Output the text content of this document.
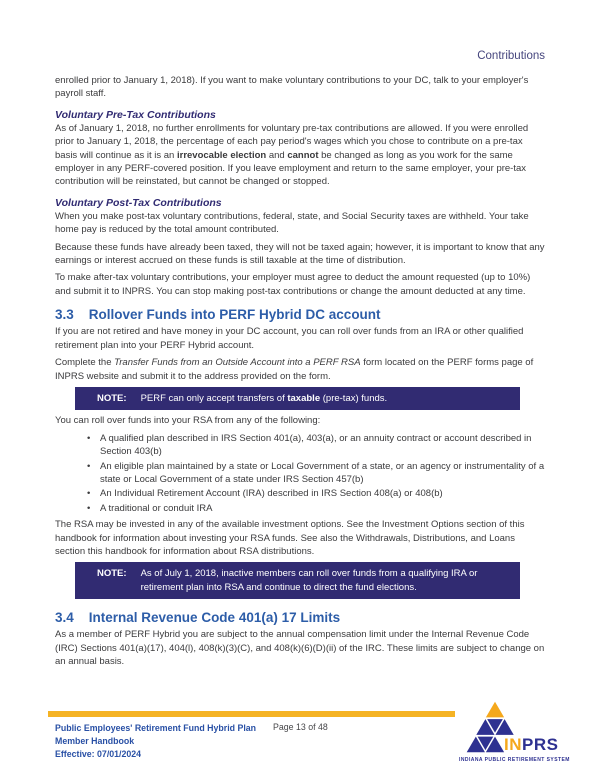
Contributions

enrolled prior to January 1, 2018). If you want to make voluntary contributions to your DC, talk to your employer's payroll staff.

Voluntary Pre-Tax Contributions

As of January 1, 2018, no further enrollments for voluntary pre-tax contributions are allowed. If you were enrolled prior to January 1, 2018, the percentage of each pay period's wages which you chose to contribute on a pre-tax basis will continue as it is an irrevocable election and cannot be changed as long as you work for the same employer in any PERF-covered position. If you leave employment and return to the same employer, your pre-tax contribution will be reinstated, but cannot be changed or stopped.

Voluntary Post-Tax Contributions

When you make post-tax voluntary contributions, federal, state, and Social Security taxes are withheld. Your take home pay is reduced by the total amount contributed.

Because these funds have already been taxed, they will not be taxed again; however, it is important to know that any earnings or interest accrued on these funds is still taxable at the time of distribution.

To make after-tax voluntary contributions, your employer must agree to deduct the amount requested (up to 10%) and submit it to INPRS. You can stop making post-tax contributions or change the amount deducted at any time.

3.3 Rollover Funds into PERF Hybrid DC account

If you are not retired and have money in your DC account, you can roll over funds from an IRA or other qualified retirement plan into your PERF Hybrid account.

Complete the Transfer Funds from an Outside Account into a PERF RSA form located on the PERF forms page of INPRS website and submit it to the address provided on the form.

NOTE: PERF can only accept transfers of taxable (pre-tax) funds.

You can roll over funds into your RSA from any of the following:

• A qualified plan described in IRS Section 401(a), 403(a), or an annuity contract or account described in Section 403(b)
• An eligible plan maintained by a state or Local Government of a state, or an agency or instrumentality of a state or Local Government of a state under IRS Section 457(b)
• An Individual Retirement Account (IRA) described in IRS Section 408(a) or 408(b)
• A traditional or conduit IRA

The RSA may be invested in any of the available investment options. See the Investment Options section of this handbook for information about investing your RSA funds. See also the Withdrawals, Distributions, and Loans section this handbook for information about RSA distributions.

NOTE: As of July 1, 2018, inactive members can roll over funds from a qualifying IRA or retirement plan into RSA and continue to direct the fund elections.
3.4 Internal Revenue Code 401(a) 17 Limits

As a member of PERF Hybrid you are subject to the annual compensation limit under the Internal Revenue Code (IRC) Sections 401(a)(17), 404(l), 408(k)(3)(C), and 408(k)(6)(D)(ii) of the IRC. These limits are subject to change on an annual basis.

Public Employees' Retirement Fund Hybrid Plan
Member Handbook
Effective: 07/01/2024
Page 13 of 48
INPRS
INDIANA PUBLIC RETIREMENT SYSTEM
